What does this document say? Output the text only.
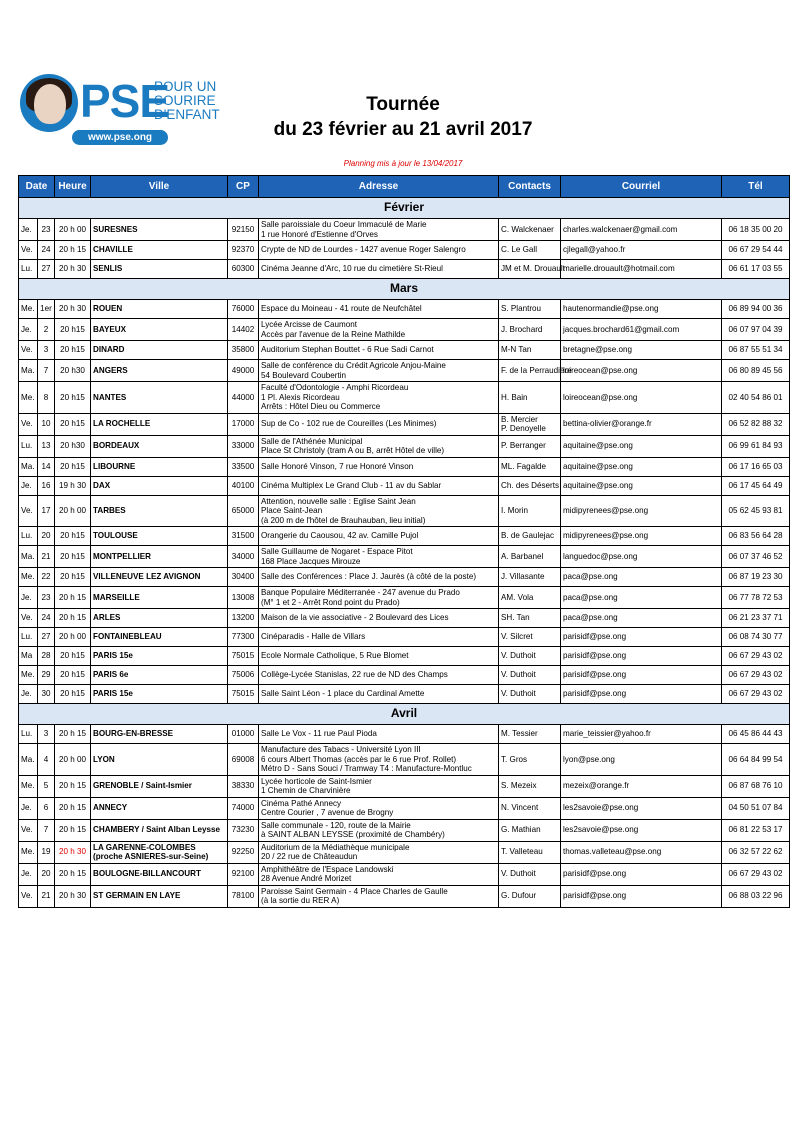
PSE
POUR UN
SOURIRE
D'ENFANT
www.pse.ong
Tournée
du 23 février au 21 avril 2017
Planning mis à jour le 13/04/2017
Date		Heure	Ville	CP	Adresse	Contacts	Courriel	Tél
Février								
Je.	23	20 h 00	SURESNES	92150	Salle paroissiale du Coeur Immaculé de Marie
1 rue Honoré d'Estienne d'Orves	C. Walckenaer	charles.walckenaer@gmail.com	06 18 35 00 20
Ve.	24	20 h 15	CHAVILLE	92370	Crypte de ND de Lourdes - 1427 avenue Roger Salengro	C. Le Gall	cjlegall@yahoo.fr	06 67 29 54 44
Lu.	27	20 h 30	SENLIS	60300	Cinéma Jeanne d'Arc, 10 rue du cimetière St-Rieul	JM et M. Drouault	marielle.drouault@hotmail.com	06 61 17 03 55
Mars								
Me.	1er	20 h 30	ROUEN	76000	Espace du Moineau - 41 route de Neufchâtel	S. Plantrou	hautenormandie@pse.ong	06 89 94 00 36
Je.	2	20 h15	BAYEUX	14402	Lycée Arcisse de Caumont
Accès par l'avenue de la Reine Mathilde	J. Brochard	jacques.brochard61@gmail.com	06 07 97 04 39
Ve.	3	20 h15	DINARD	35800	Auditorium Stephan Bouttet - 6 Rue Sadi Carnot	M-N Tan	bretagne@pse.ong	06 87 55 51 34
Ma.	7	20 h30	ANGERS	49000	Salle de conférence du Crédit Agricole Anjou-Maine
54 Boulevard Coubertin	F. de la Perraudière	loireocean@pse.ong	06 80 89 45 56
Me.	8	20 h15	NANTES	44000	Faculté d'Odontologie - Amphi Ricordeau
1 Pl. Alexis Ricordeau
Arrêts : Hôtel Dieu ou Commerce	H. Bain	loireocean@pse.ong	02 40 54 86 01
Ve.	10	20 h15	LA ROCHELLE	17000	Sup de Co - 102 rue de Coureilles (Les Minimes)	B. Mercier
P. Denoyelle	bettina-olivier@orange.fr	06 52 82 88 32
Lu.	13	20 h30	BORDEAUX	33000	Salle de l'Athénée Municipal
Place St Christoly (tram A ou B, arrêt Hôtel de ville)	P. Berranger	aquitaine@pse.ong	06 99 61 84 93
Ma.	14	20 h15	LIBOURNE	33500	Salle Honoré Vinson, 7 rue Honoré Vinson	ML. Fagalde	aquitaine@pse.ong	06 17 16 65 03
Je.	16	19 h 30	DAX	40100	Cinéma Multiplex Le Grand Club - 11 av du Sablar	Ch. des Déserts	aquitaine@pse.ong	06 17 45 64 49
Ve.	17	20 h 00	TARBES	65000	Attention, nouvelle salle : Eglise Saint Jean
Place Saint-Jean
(à 200 m de l'hôtel de Brauhauban, lieu initial)	I. Morin	midipyrenees@pse.ong	05 62 45 93 81
Lu.	20	20 h15	TOULOUSE	31500	Orangerie du Caousou, 42 av. Camille Pujol	B. de Gaulejac	midipyrenees@pse.ong	06 83 56 64 28
Ma.	21	20 h15	MONTPELLIER	34000	Salle Guillaume de Nogaret - Espace Pitot
168 Place Jacques Mirouze	A. Barbanel	languedoc@pse.ong	06 07 37 46 52
Me.	22	20 h15	VILLENEUVE LEZ AVIGNON	30400	Salle des Conférences : Place J. Jaurès (à côté de la poste)	J. Villasante	paca@pse.ong	06 87 19 23 30
Je.	23	20 h 15	MARSEILLE	13008	Banque Populaire Méditerranée - 247 avenue du Prado
(M° 1 et 2 - Arrêt Rond point du Prado)	AM. Vola	paca@pse.ong	06 77 78 72 53
Ve.	24	20 h 15	ARLES	13200	Maison de la vie associative - 2 Boulevard des Lices	SH. Tan	paca@pse.ong	06 21 23 37 71
Lu.	27	20 h 00	FONTAINEBLEAU	77300	Cinéparadis - Halle de Villars	V. Silcret	parisidf@pse.ong	06 08 74 30 77
Ma	28	20 h15	PARIS 15e	75015	Ecole Normale Catholique, 5 Rue Blomet	V. Duthoit	parisidf@pse.ong	06 67 29 43 02
Me.	29	20 h15	PARIS 6e	75006	Collège-Lycée Stanislas, 22 rue de ND des Champs	V. Duthoit	parisidf@pse.ong	06 67 29 43 02
Je.	30	20 h15	PARIS 15e	75015	Salle Saint Léon - 1 place du Cardinal Amette	V. Duthoit	parisidf@pse.ong	06 67 29 43 02
Avril								
Lu.	3	20 h 15	BOURG-EN-BRESSE	01000	Salle Le Vox - 11 rue Paul Pioda	M. Tessier	marie_teissier@yahoo.fr	06 45 86 44 43
Ma.	4	20 h 00	LYON	69008	Manufacture des Tabacs - Université Lyon III
6 cours Albert Thomas (accès par le 6 rue Prof. Rollet)
Métro D - Sans Souci / Tramway T4 : Manufacture-Montluc	T. Gros	lyon@pse.ong	06 64 84 99 54
Me.	5	20 h 15	GRENOBLE / Saint-Ismier	38330	Lycée horticole de Saint-Ismier
1 Chemin de Charvinière	S. Mezeix	mezeix@orange.fr	06 87 68 76 10
Je.	6	20 h 15	ANNECY	74000	Cinéma Pathé Annecy
Centre Courier , 7 avenue de Brogny	N. Vincent	les2savoie@pse.ong	04 50 51 07 84
Ve.	7	20 h 15	CHAMBERY / Saint Alban Leysse	73230	Salle communale - 120, route de la Mairie
à SAINT ALBAN LEYSSE (proximité de Chambéry)	G. Mathian	les2savoie@pse.ong	06 81 22 53 17
Me.	19	20 h 30	LA GARENNE-COLOMBES
(proche ASNIERES-sur-Seine)	92250	Auditorium de la Médiathèque municipale
20 / 22 rue de Châteaudun	T. Valleteau	thomas.valleteau@pse.ong	06 32 57 22 62
Je.	20	20 h 15	BOULOGNE-BILLANCOURT	92100	Amphithéâtre de l'Espace Landowski
28 Avenue André Morizet	V. Duthoit	parisidf@pse.ong	06 67 29 43 02
Ve.	21	20 h 30	ST GERMAIN EN LAYE	78100	Paroisse Saint Germain - 4 Place Charles de Gaulle
(à la sortie du RER A)	G. Dufour	parisidf@pse.ong	06 88 03 22 96
